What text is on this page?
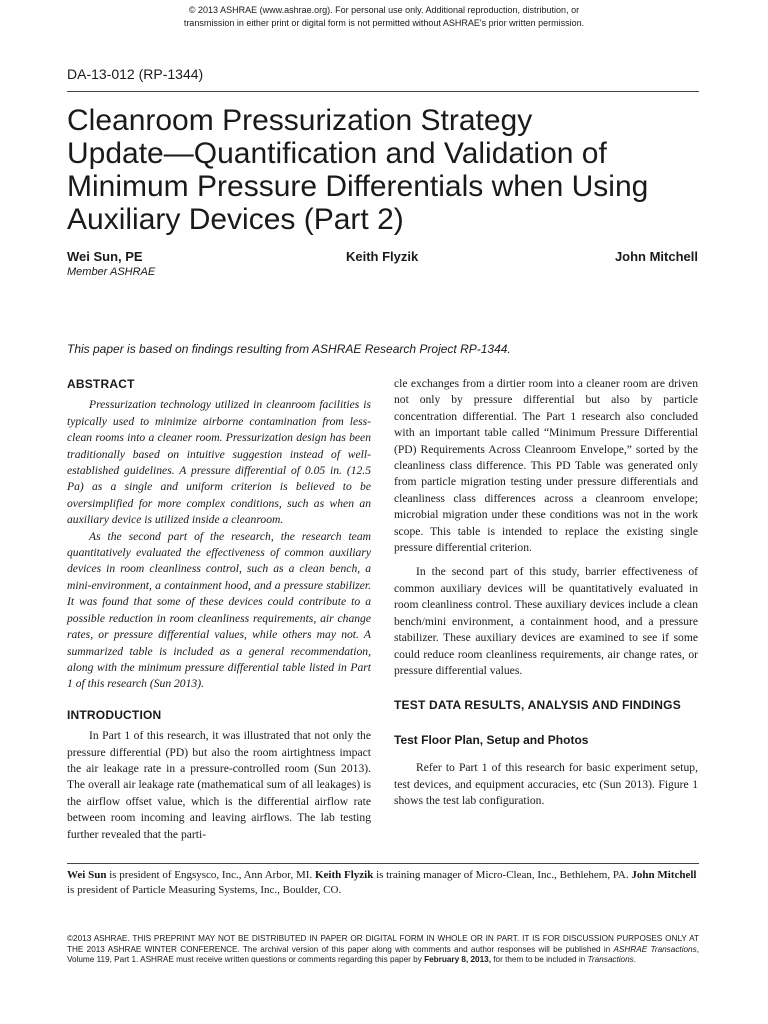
© 2013 ASHRAE (www.ashrae.org). For personal use only. Additional reproduction, distribution, or
transmission in either print or digital form is not permitted without ASHRAE's prior written permission.
DA-13-012 (RP-1344)
Cleanroom Pressurization Strategy
Update—Quantification and Validation of
Minimum Pressure Differentials when Using
Auxiliary Devices (Part 2)
Wei Sun, PE	Keith Flyzik	John Mitchell
Member ASHRAE
This paper is based on findings resulting from ASHRAE Research Project RP-1344.
ABSTRACT

Pressurization technology utilized in cleanroom facilities is typically used to minimize airborne contamination from less-clean rooms into a cleaner room. Pressurization design has been traditionally based on intuitive suggestion instead of well-established guidelines. A pressure differential of 0.05 in. (12.5 Pa) as a single and uniform criterion is believed to be oversimplified for more complex conditions, such as when an auxiliary device is utilized inside a cleanroom.

As the second part of the research, the research team quantitatively evaluated the effectiveness of common auxiliary devices in room cleanliness control, such as a clean bench, a mini-environment, a containment hood, and a pressure stabilizer. It was found that some of these devices could contribute to a possible reduction in room cleanliness requirements, air change rates, or pressure differential values, while others may not. A summarized table is included as a general recommendation, along with the minimum pressure differential table listed in Part 1 of this research (Sun 2013).

INTRODUCTION

In Part 1 of this research, it was illustrated that not only the pressure differential (PD) but also the room airtightness impact the air leakage rate in a pressure-controlled room (Sun 2013). The overall air leakage rate (mathematical sum of all leakages) is the airflow offset value, which is the differential airflow rate between room incoming and leaving airflows. The lab testing further revealed that the parti-

cle exchanges from a dirtier room into a cleaner room are driven not only by pressure differential but also by particle concentration differential. The Part 1 research also concluded with an important table called “Minimum Pressure Differential (PD) Requirements Across Cleanroom Envelope,” sorted by the cleanliness class difference. This PD Table was generated only from particle migration testing under pressure differentials and cleanliness class differences across a cleanroom envelope; microbial migration under these conditions was not in the work scope. This table is intended to replace the existing single pressure differential criterion.

In the second part of this study, barrier effectiveness of common auxiliary devices will be quantitatively evaluated in room cleanliness control. These auxiliary devices include a clean bench/mini environment, a containment hood, and a pressure stabilizer. These auxiliary devices are examined to see if some could reduce room cleanliness requirements, air change rates, or pressure differential values.

TEST DATA RESULTS, ANALYSIS AND FINDINGS
Test Floor Plan, Setup and Photos

Refer to Part 1 of this research for basic experiment setup, test devices, and equipment accuracies, etc (Sun 2013). Figure 1 shows the test lab configuration.

Wei Sun is president of Engsysco, Inc., Ann Arbor, MI. Keith Flyzik is training manager of Micro-Clean, Inc., Bethlehem, PA. John Mitchell is president of Particle Measuring Systems, Inc., Boulder, CO.
©2013 ASHRAE. THIS PREPRINT MAY NOT BE DISTRIBUTED IN PAPER OR DIGITAL FORM IN WHOLE OR IN PART. IT IS FOR DISCUSSION PURPOSES ONLY AT THE 2013 ASHRAE WINTER CONFERENCE. The archival version of this paper along with comments and author responses will be published in ASHRAE Transactions, Volume 119, Part 1. ASHRAE must receive written questions or comments regarding this paper by February 8, 2013, for them to be included in Transactions.
